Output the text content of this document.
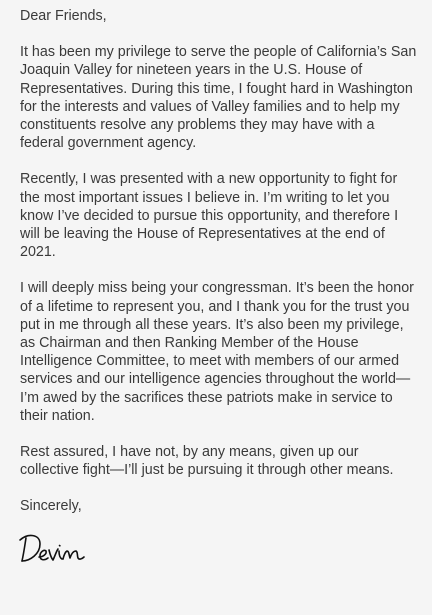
Dear Friends,

It has been my privilege to serve the people of California’s San Joaquin Valley for nineteen years in the U.S. House of Representatives. During this time, I fought hard in Washington for the interests and values of Valley families and to help my constituents resolve any problems they may have with a federal government agency.

Recently, I was presented with a new opportunity to fight for the most important issues I believe in. I’m writing to let you know I’ve decided to pursue this opportunity, and therefore I will be leaving the House of Representatives at the end of 2021.

I will deeply miss being your congressman. It’s been the honor of a lifetime to represent you, and I thank you for the trust you put in me through all these years. It’s also been my privilege, as Chairman and then Ranking Member of the House Intelligence Committee, to meet with members of our armed services and our intelligence agencies throughout the world—I’m awed by the sacrifices these patriots make in service to their nation.

Rest assured, I have not, by any means, given up our collective fight—I’ll just be pursuing it through other means.

Sincerely,
